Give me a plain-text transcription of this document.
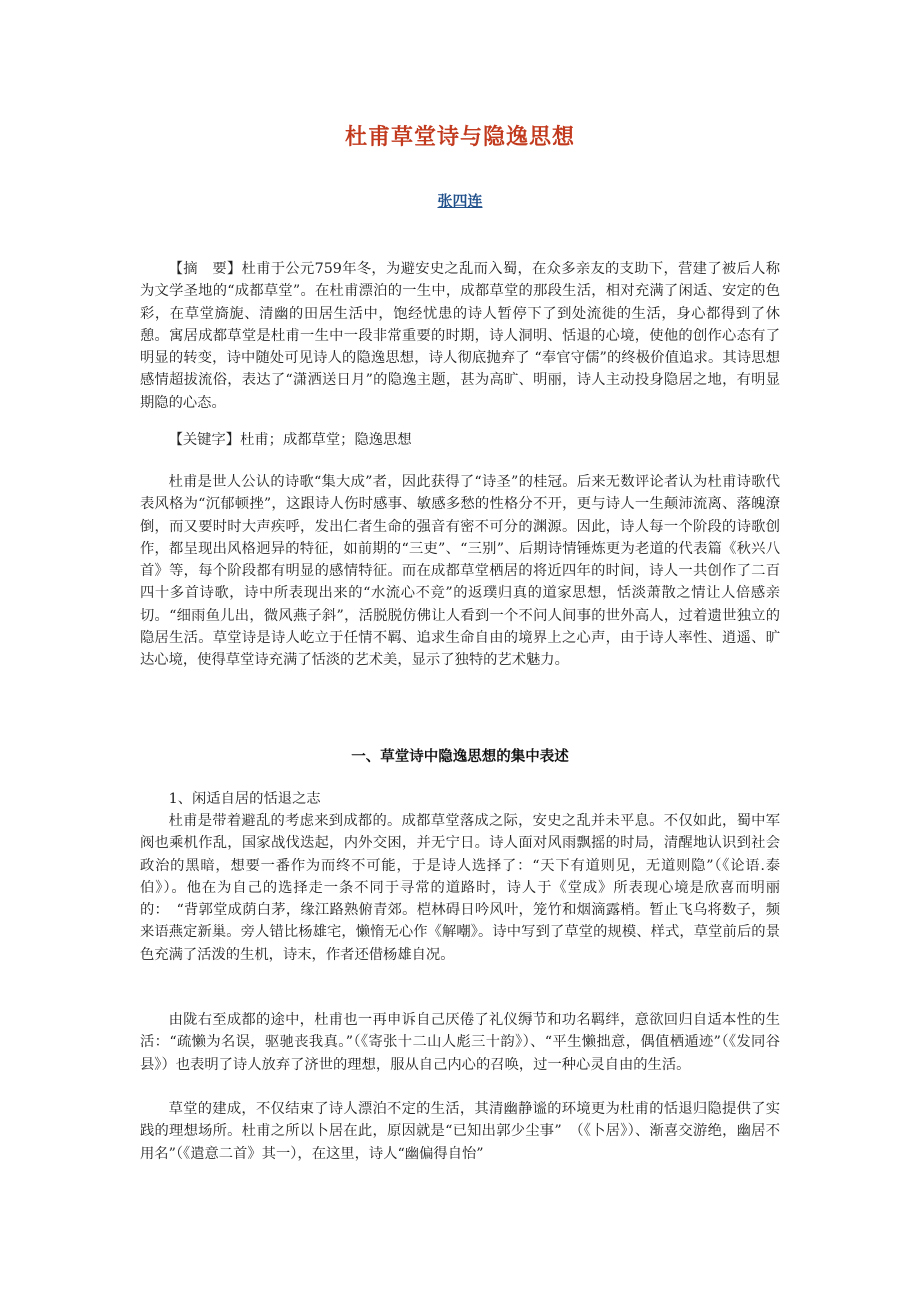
杜甫草堂诗与隐逸思想
张四连

【摘　要】杜甫于公元759年冬，为避安史之乱而入蜀，在众多亲友的支助下，营建了被后人称为文学圣地的“成都草堂”。在杜甫漂泊的一生中，成都草堂的那段生活，相对充满了闲适、安定的色彩，在草堂旖旎、清幽的田居生活中，饱经忧患的诗人暂停下了到处流徙的生活，身心都得到了休憩。寓居成都草堂是杜甫一生中一段非常重要的时期，诗人洞明、恬退的心境，使他的创作心态有了明显的转变，诗中随处可见诗人的隐逸思想，诗人彻底抛弃了 “奉官守儒”的终极价值追求。其诗思想感情超拔流俗，表达了“潇洒送日月”的隐逸主题，甚为高旷、明丽，诗人主动投身隐居之地，有明显期隐的心态。

【关键字】杜甫；成都草堂；隐逸思想

杜甫是世人公认的诗歌“集大成”者，因此获得了“诗圣”的桂冠。后来无数评论者认为杜甫诗歌代表风格为“沉郁顿挫”，这跟诗人伤时感事、敏感多愁的性格分不开，更与诗人一生颠沛流离、落魄潦倒，而又要时时大声疾呼，发出仁者生命的强音有密不可分的渊源。因此，诗人每一个阶段的诗歌创作，都呈现出风格迥异的特征，如前期的“三吏”、“三别”、后期诗情锤炼更为老道的代表篇《秋兴八首》等，每个阶段都有明显的感情特征。而在成都草堂栖居的将近四年的时间，诗人一共创作了二百四十多首诗歌，诗中所表现出来的“水流心不竞”的返璞归真的道家思想，恬淡萧散之情让人倍感亲切。“细雨鱼儿出，微风燕子斜”，活脱脱仿佛让人看到一个不问人间事的世外高人，过着遗世独立的隐居生活。草堂诗是诗人屹立于任情不羁、追求生命自由的境界上之心声，由于诗人率性、逍遥、旷达心境，使得草堂诗充满了恬淡的艺术美，显示了独特的艺术魅力。

一、草堂诗中隐逸思想的集中表述

1、闲适自居的恬退之志

杜甫是带着避乱的考虑来到成都的。成都草堂落成之际，安史之乱并未平息。不仅如此，蜀中军阀也乘机作乱，国家战伐迭起，内外交困，并无宁日。诗人面对风雨飘摇的时局，清醒地认识到社会政治的黑暗，想要一番作为而终不可能，于是诗人选择了：“天下有道则见，无道则隐”（《论语.泰伯》）。他在为自己的选择走一条不同于寻常的道路时，诗人于《堂成》所表现心境是欣喜而明丽的：　“背郭堂成荫白茅，缘江路熟俯青郊。桤林碍日吟风叶，笼竹和烟滴露梢。暂止飞乌将数子，频来语燕定新巢。旁人错比杨雄宅，懒惰无心作《解嘲》。诗中写到了草堂的规模、样式，草堂前后的景色充满了活泼的生机，诗末，作者还借杨雄自况。

由陇右至成都的途中，杜甫也一再申诉自己厌倦了礼仪缛节和功名羁绊，意欲回归自适本性的生活：“疏懒为名误，驱驰丧我真。”（《寄张十二山人彪三十韵》）、“平生懒拙意，偶值栖遁迹”（《发同谷县》）也表明了诗人放弃了济世的理想，服从自己内心的召唤，过一种心灵自由的生活。

草堂的建成，不仅结束了诗人漂泊不定的生活，其清幽静谧的环境更为杜甫的恬退归隐提供了实践的理想场所。杜甫之所以卜居在此，原因就是“已知出郭少尘事”　（《卜居》）、渐喜交游绝，幽居不用名”（《遣意二首》其一），在这里，诗人“幽偏得自怡”
